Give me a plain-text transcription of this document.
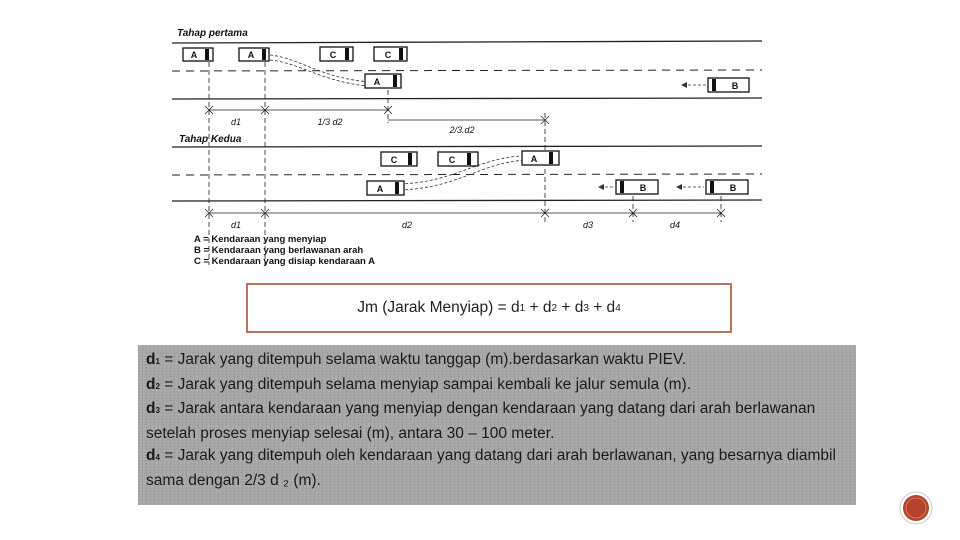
Tahap pertama
A	A	C	C
A	B
d1	1/3 d2
2/3.d2
Tahap Kedua
C	C	A
A	B	B
d1	d2	d3	d4
A = Kendaraan yang menyiap
B = Kendaraan yang berlawanan arah
C = Kendaraan yang disiap kendaraan A
Jm (Jarak Menyiap) = d 1 + d 2 + d 3 + d 4

d1 = Jarak yang ditempuh selama waktu tanggap (m).berdasarkan waktu PIEV.

d2 = Jarak yang ditempuh selama menyiap sampai kembali ke jalur semula (m).

d3 = Jarak antara kendaraan yang menyiap dengan kendaraan yang datang dari arah berlawanan setelah proses menyiap selesai (m), antara 30 – 100 meter.

d4 = Jarak yang ditempuh oleh kendaraan yang datang dari arah berlawanan, yang besarnya diambil sama dengan 2/3 d ₂ (m).
